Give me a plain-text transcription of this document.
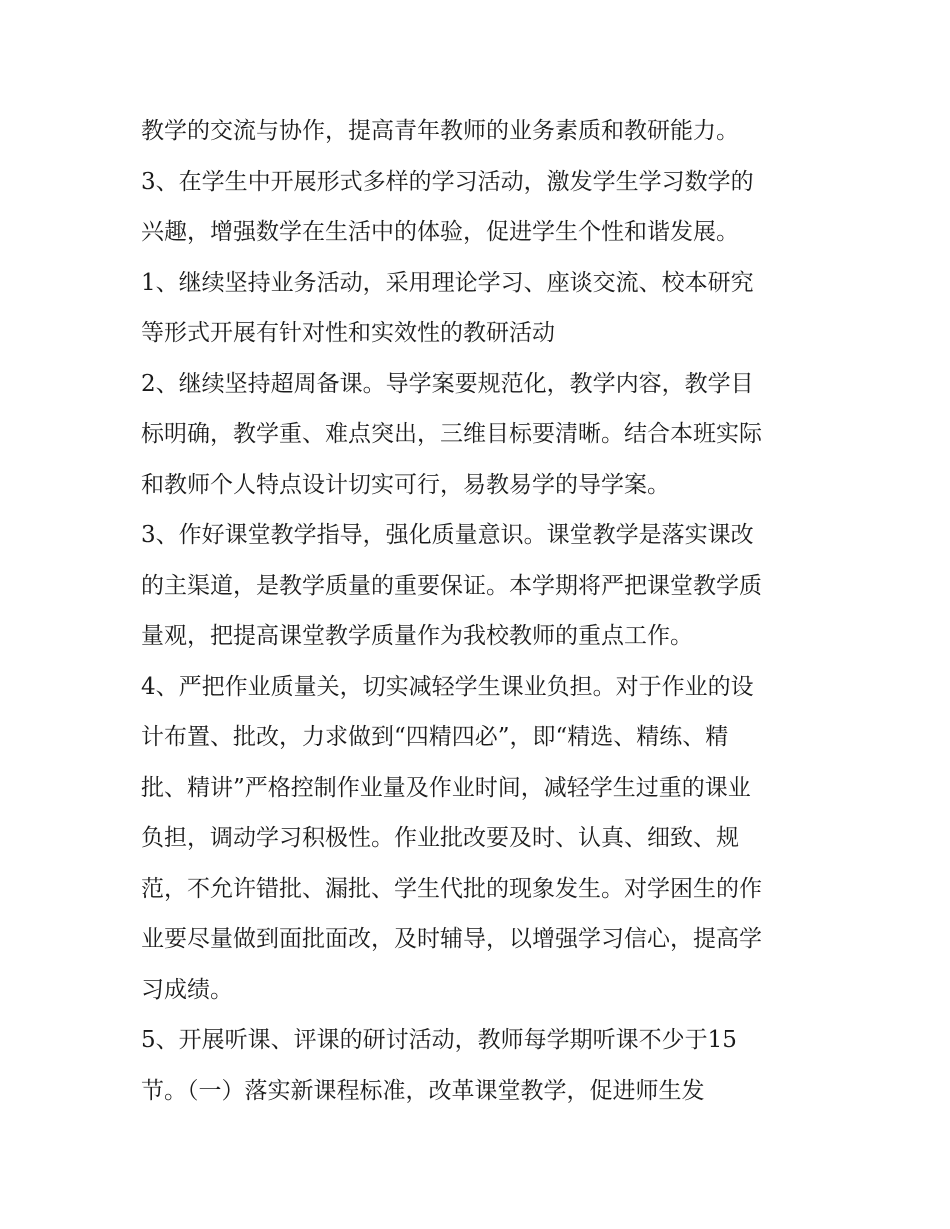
教学的交流与协作，提高青年教师的业务素质和教研能力。
3、在学生中开展形式多样的学习活动，激发学生学习数学的
兴趣，增强数学在生活中的体验，促进学生个性和谐发展。
1、继续坚持业务活动，采用理论学习、座谈交流、校本研究
等形式开展有针对性和实效性的教研活动
2、继续坚持超周备课。导学案要规范化，教学内容，教学目
标明确，教学重、难点突出，三维目标要清晰。结合本班实际
和教师个人特点设计切实可行，易教易学的导学案。
3、作好课堂教学指导，强化质量意识。课堂教学是落实课改
的主渠道，是教学质量的重要保证。本学期将严把课堂教学质
量观，把提高课堂教学质量作为我校教师的重点工作。
4、严把作业质量关，切实减轻学生课业负担。对于作业的设
计布置、批改，力求做到“四精四必”，即“精选、精练、精
批、精讲”严格控制作业量及作业时间，减轻学生过重的课业
负担，调动学习积极性。作业批改要及时、认真、细致、规
范，不允许错批、漏批、学生代批的现象发生。对学困生的作
业要尽量做到面批面改，及时辅导，以增强学习信心，提高学
习成绩。
5、开展听课、评课的研讨活动，教师每学期听课不少于15
节。（一）落实新课程标准，改革课堂教学，促进师生发
